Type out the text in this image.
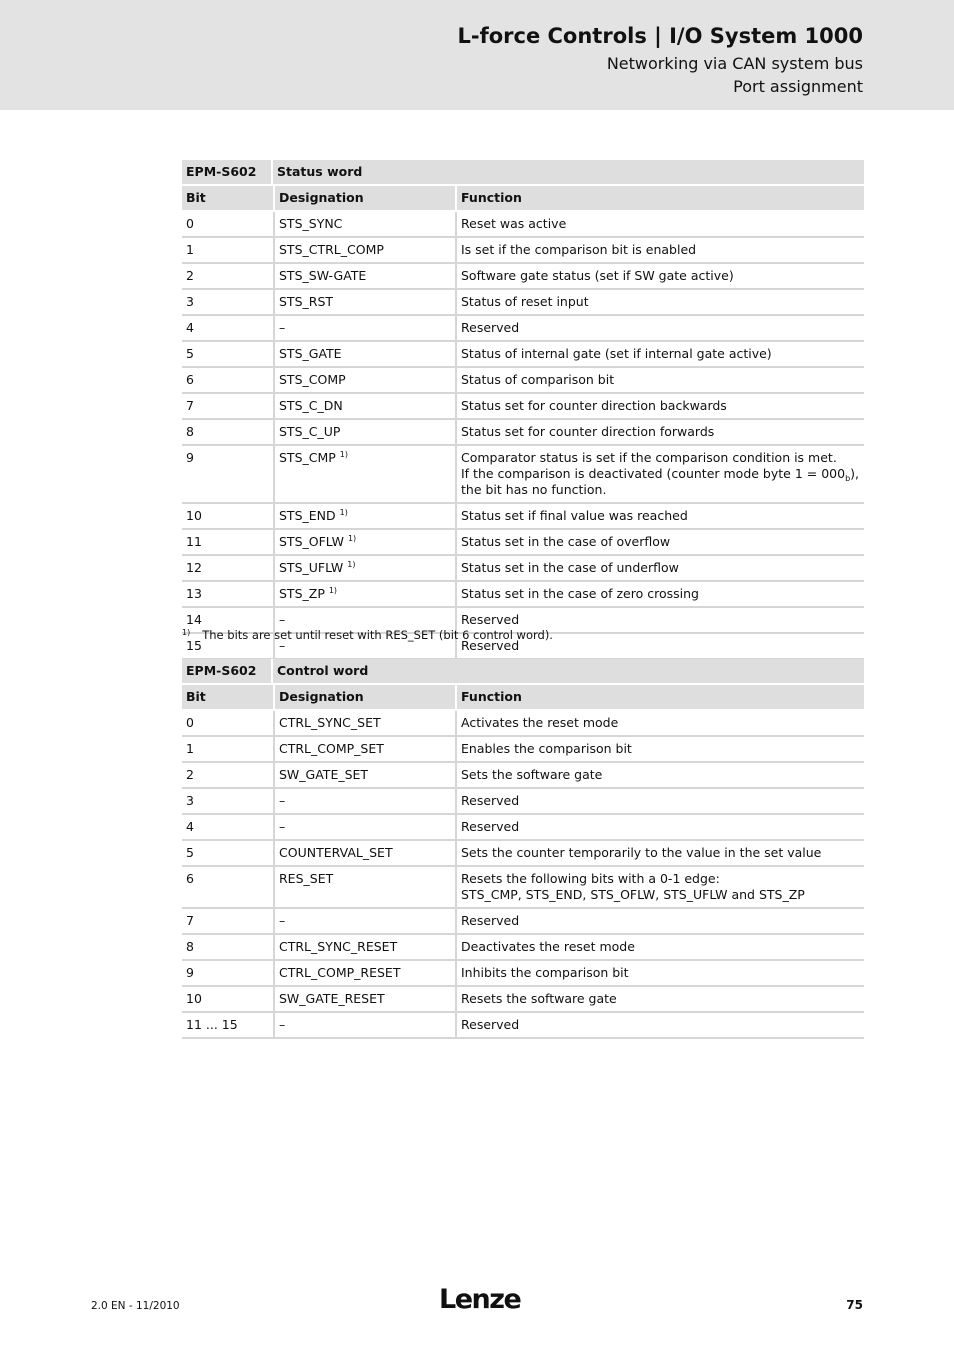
L-force Controls | I/O System 1000
Networking via CAN system bus
Port assignment
EPM-S602	Status word	
Bit	Designation	Function
0	STS_SYNC	Reset was active
1	STS_CTRL_COMP	Is set if the comparison bit is enabled
2	STS_SW-GATE	Software gate status (set if SW gate active)
3	STS_RST	Status of reset input
4	–	Reserved
5	STS_GATE	Status of internal gate (set if internal gate active)
6	STS_COMP	Status of comparison bit
7	STS_C_DN	Status set for counter direction backwards
8	STS_C_UP	Status set for counter direction forwards
9	STS_CMP $^{1)}$	Comparator status is set if the comparison condition is met.
If the comparison is deactivated (counter mode byte $1 = 000_b$), the bit has no function.
10	STS_END $^{1)}$	Status set if final value was reached
11	STS_OFLW $^{1)}$	Status set in the case of overflow
12	STS_UFLW $^{1)}$	Status set in the case of underflow
13	STS_ZP $^{1)}$	Status set in the case of zero crossing
14	–	Reserved
15	–	Reserved
$^{1)}$ The bits are set until reset with RES_SET (bit 6 control word).
EPM-S602	Control word	
Bit	Designation	Function
0	CTRL_SYNC_SET	Activates the reset mode
1	CTRL_COMP_SET	Enables the comparison bit
2	SW_GATE_SET	Sets the software gate
3	–	Reserved
4	–	Reserved
5	COUNTERVAL_SET	Sets the counter temporarily to the value in the set value
6	RES_SET	Resets the following bits with a 0-1 edge:
STS_CMP, STS_END, STS_OFLW, STS_UFLW and STS_ZP
7	–	Reserved
8	CTRL_SYNC_RESET	Deactivates the reset mode
9	CTRL_COMP_RESET	Inhibits the comparison bit
10	SW_GATE_RESET	Resets the software gate
11 ... 15	–	Reserved
2.0 EN - 11/2010	Lenze	75
